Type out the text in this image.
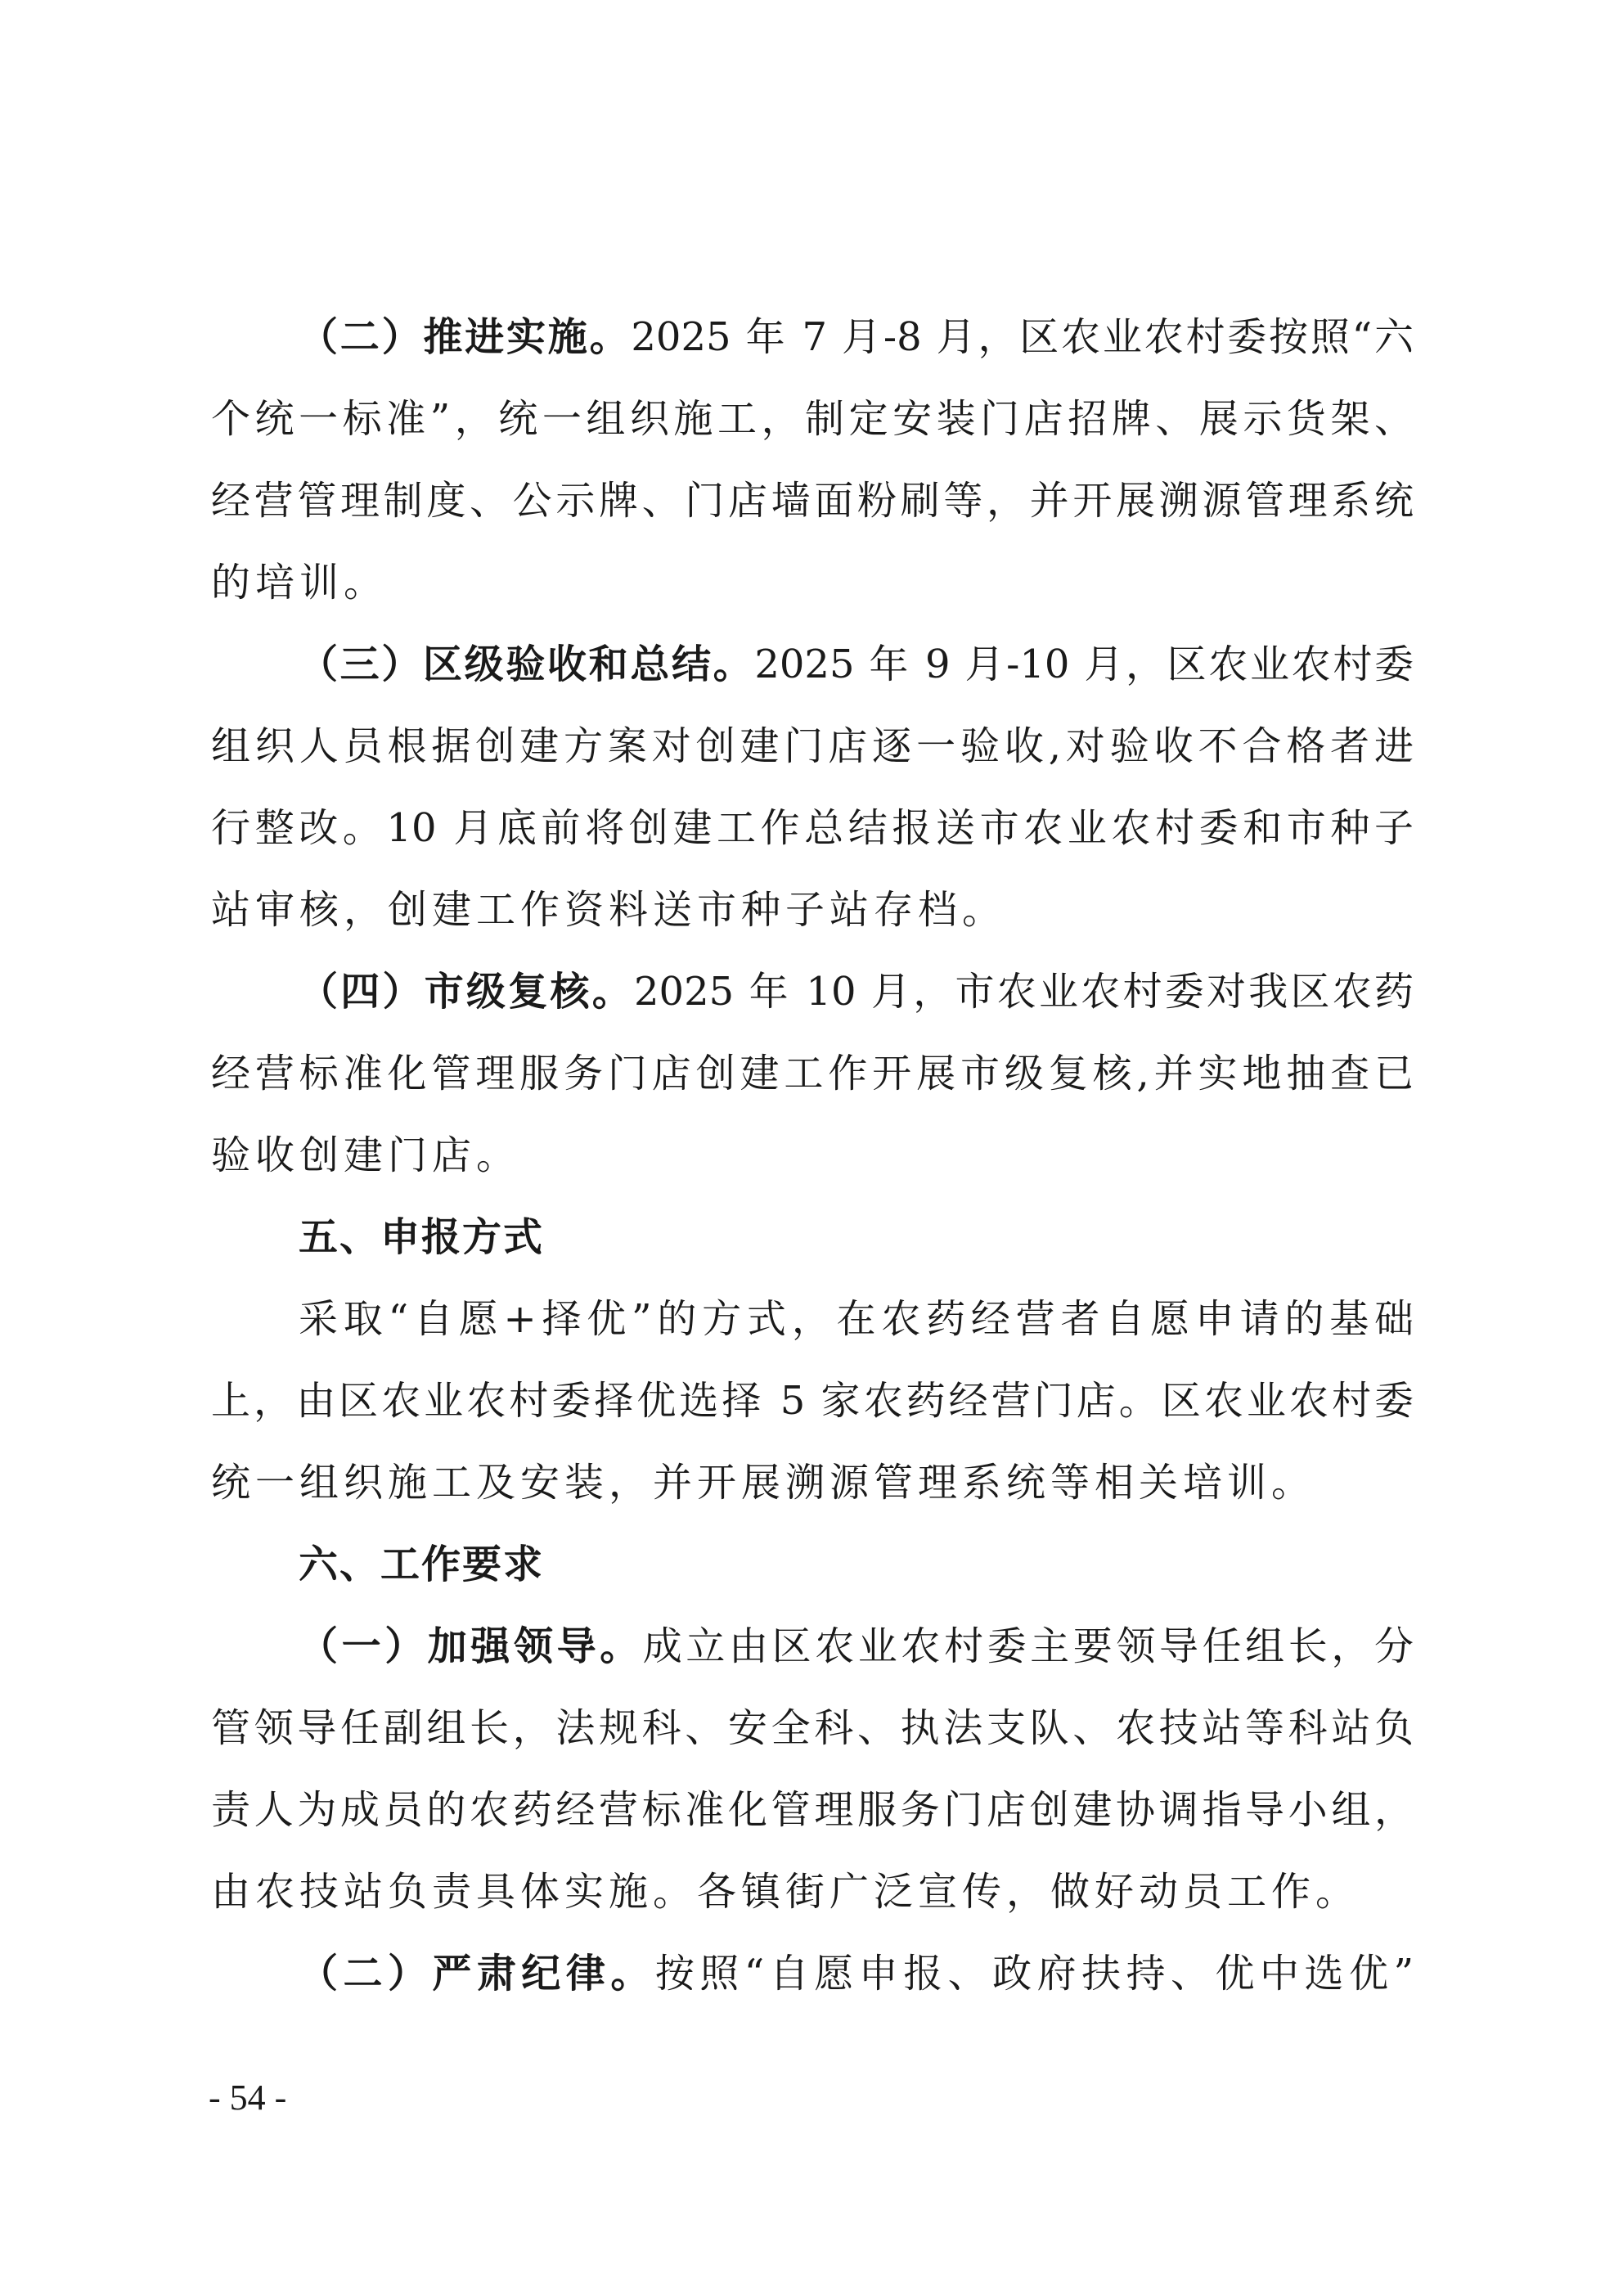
（二）推进实施。2025 年 7 月-8 月，区农业农村委按照“六
个统一标准”，统一组织施工，制定安装门店招牌、展示货架、
经营管理制度、公示牌、门店墙面粉刷等，并开展溯源管理系统
的培训。
（三）区级验收和总结。2025 年 9 月-10 月，区农业农村委
组织人员根据创建方案对创建门店逐一验收,对验收不合格者进
行整改。10 月底前将创建工作总结报送市农业农村委和市种子
站审核，创建工作资料送市种子站存档。
（四）市级复核。2025 年 10 月，市农业农村委对我区农药
经营标准化管理服务门店创建工作开展市级复核,并实地抽查已
验收创建门店。
五、申报方式
采取“自愿+择优”的方式，在农药经营者自愿申请的基础
上，由区农业农村委择优选择 5 家农药经营门店。区农业农村委
统一组织施工及安装，并开展溯源管理系统等相关培训。
六、工作要求
（一）加强领导。成立由区农业农村委主要领导任组长，分
管领导任副组长，法规科、安全科、执法支队、农技站等科站负
责人为成员的农药经营标准化管理服务门店创建协调指导小组，
由农技站负责具体实施。各镇街广泛宣传，做好动员工作。
（二）严肃纪律。按照“自愿申报、政府扶持、优中选优”
- 54 -
